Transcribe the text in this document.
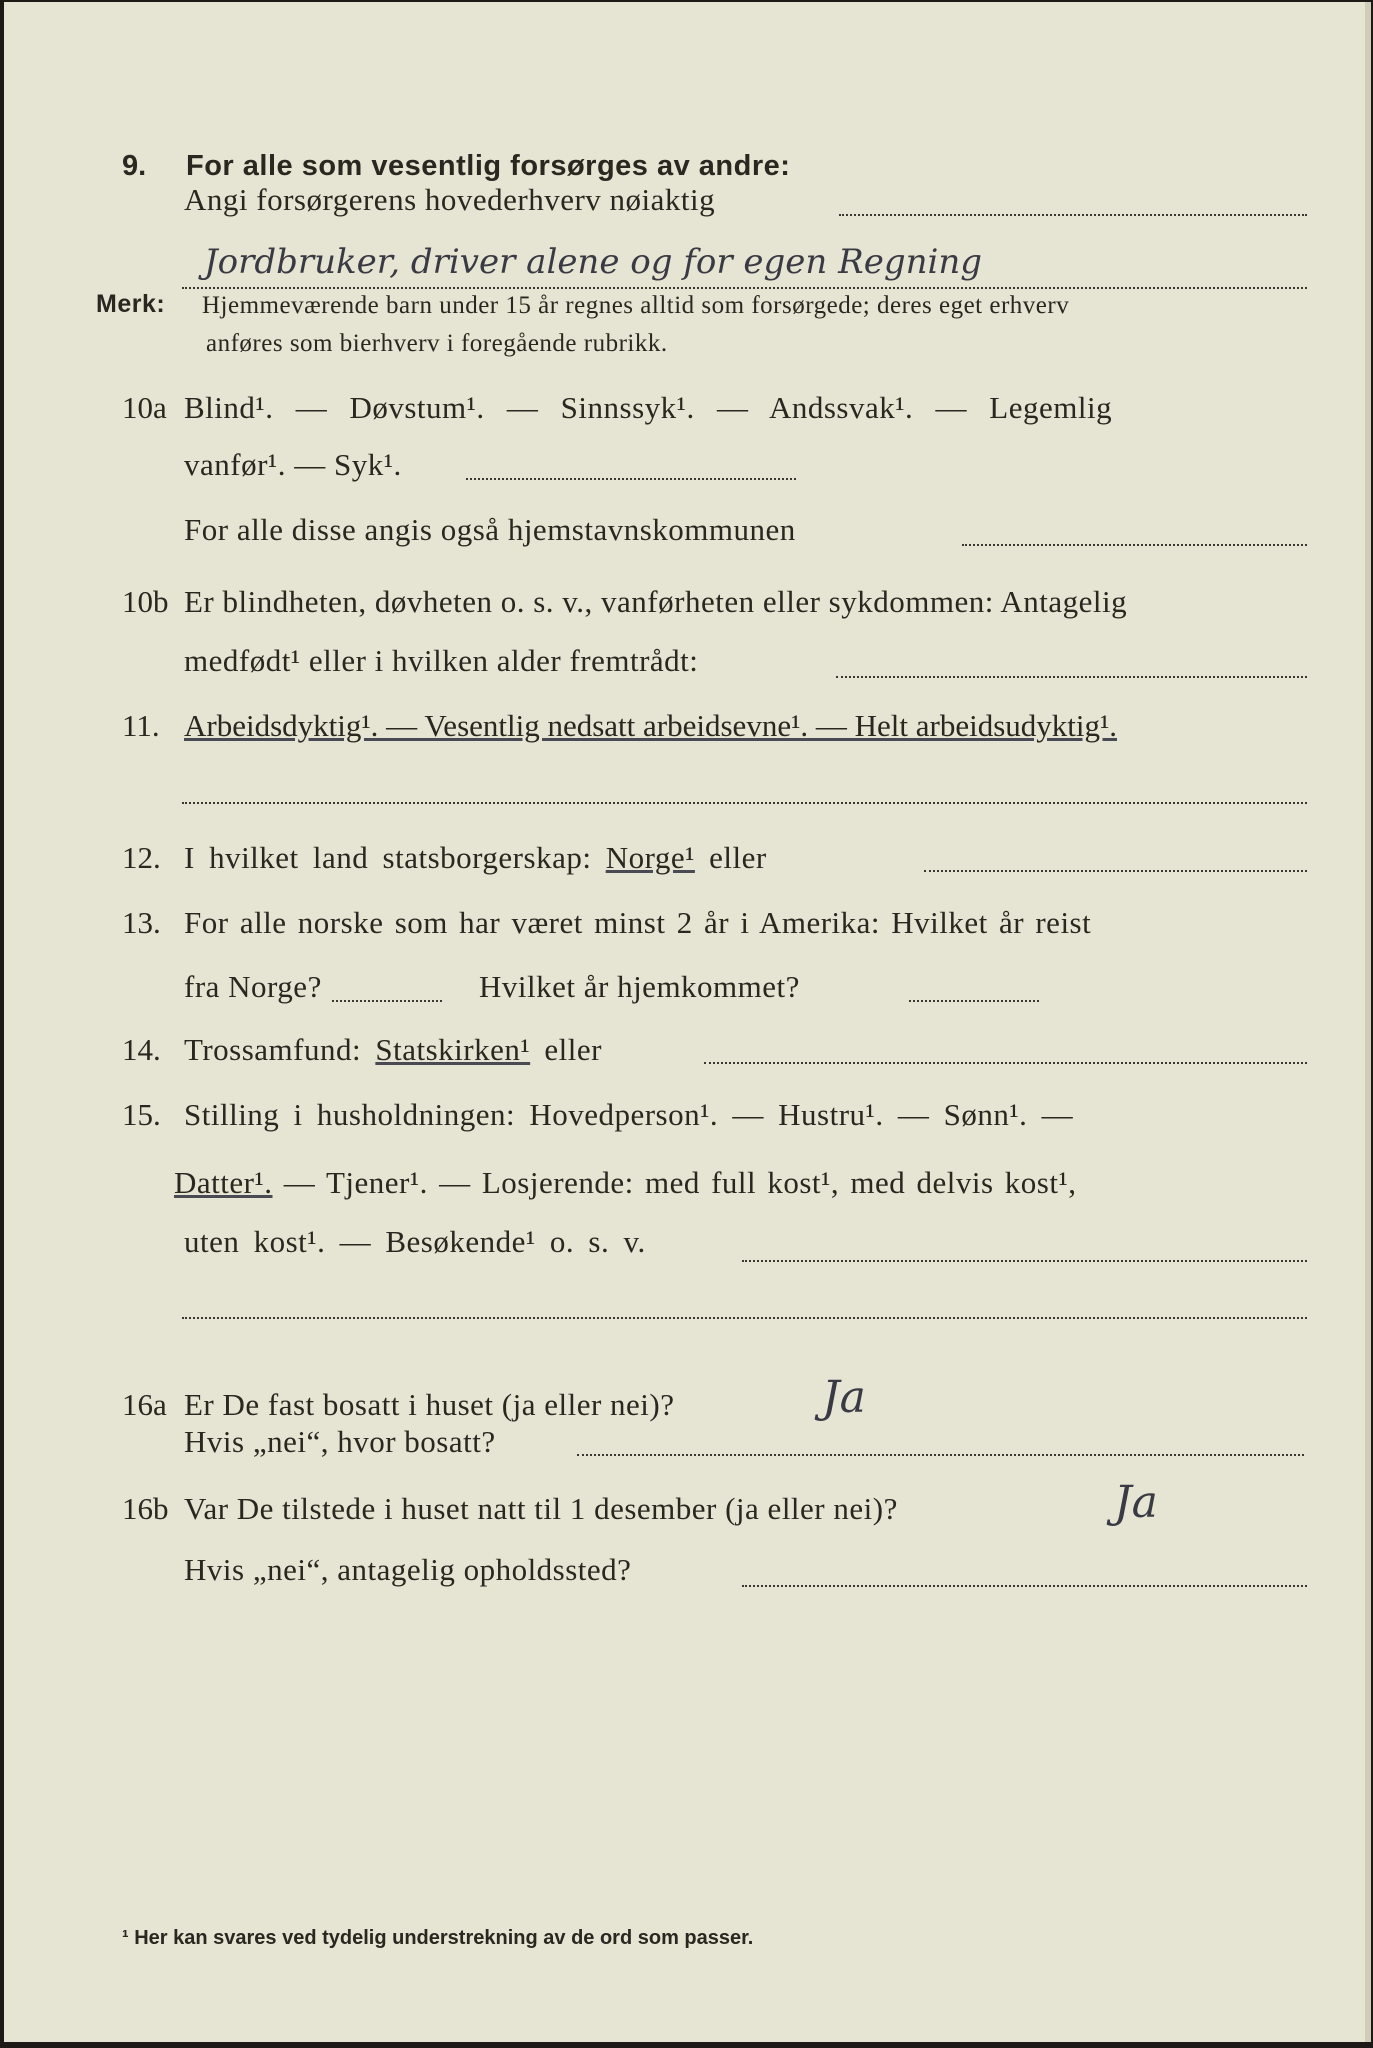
9. For alle som vesentlig forsørges av andre:
Angi forsørgerens hovederhverv nøiaktig
Jordbruker, driver alene og for egen Regning
Merk: Hjemmeværende barn under 15 år regnes alltid som forsørgede; deres eget erhverv
anføres som bierhverv i foregående rubrikk.
10a Blind¹. — Døvstum¹. — Sinnssyk¹. — Andssvak¹. — Legemlig
vanfør¹. — Syk¹.
For alle disse angis også hjemstavnskommunen
10b Er blindheten, døvheten o. s. v., vanførheten eller sykdommen: Antagelig
medfødt¹ eller i hvilken alder fremtrådt:
11. Arbeidsdyktig¹. — Vesentlig nedsatt arbeidsevne¹. — Helt arbeidsudyktig¹.
12. I hvilket land statsborgerskap: Norge¹ eller
13. For alle norske som har været minst 2 år i Amerika: Hvilket år reist
fra Norge?	Hvilket år hjemkommet?
14. Trossamfund: Statskirken¹ eller
15. Stilling i husholdningen: Hovedperson¹. — Hustru¹. — Sønn¹. —
Datter¹. — Tjener¹. — Losjerende: med full kost¹, med delvis kost¹,
uten kost¹. — Besøkende¹ o. s. v.
16a Er De fast bosatt i huset (ja eller nei)?	Ja
Hvis „nei“, hvor bosatt?
16b Var De tilstede i huset natt til 1 desember (ja eller nei)?	Ja
Hvis „nei“, antagelig opholdssted?
¹ Her kan svares ved tydelig understrekning av de ord som passer.
